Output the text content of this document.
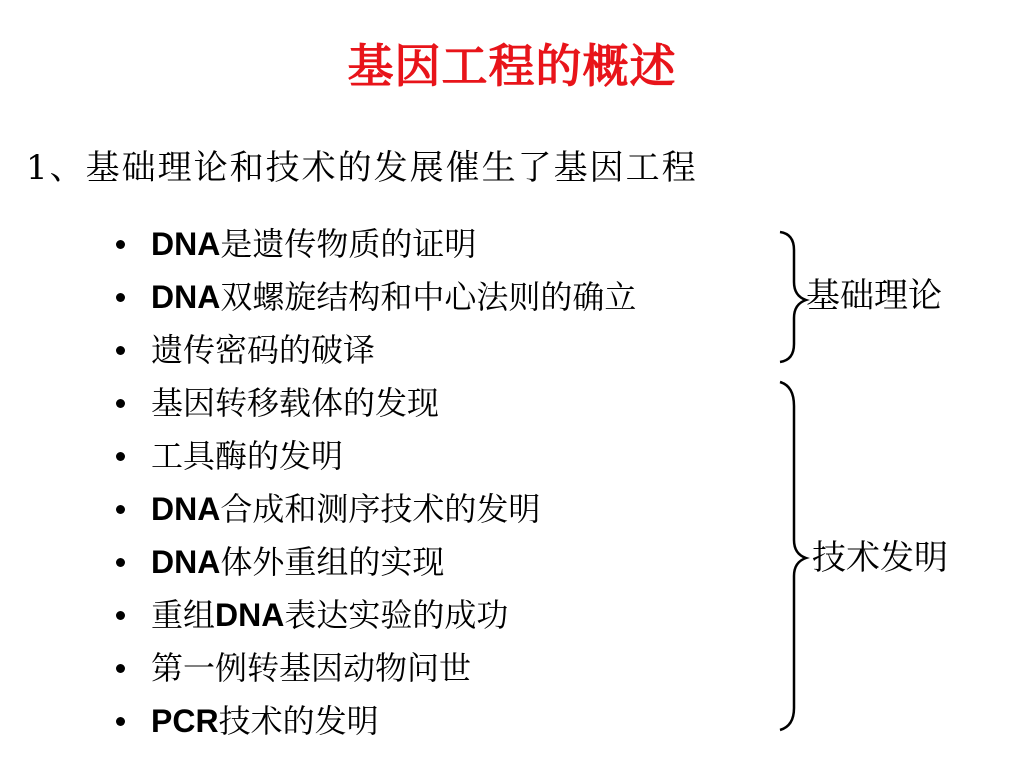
基因工程的概述
1、基础理论和技术的发展催生了基因工程
DNA 是遗传物质的证明
DNA 双螺旋结构和中心法则的确立
遗传密码的破译
基因转移载体的发现
工具酶的发明
DNA 合成和测序技术的发明
DNA 体外重组的实现
重组 DNA 表达实验的成功
第一例转基因动物问世
PCR 技术的发明
基础理论
技术发明
